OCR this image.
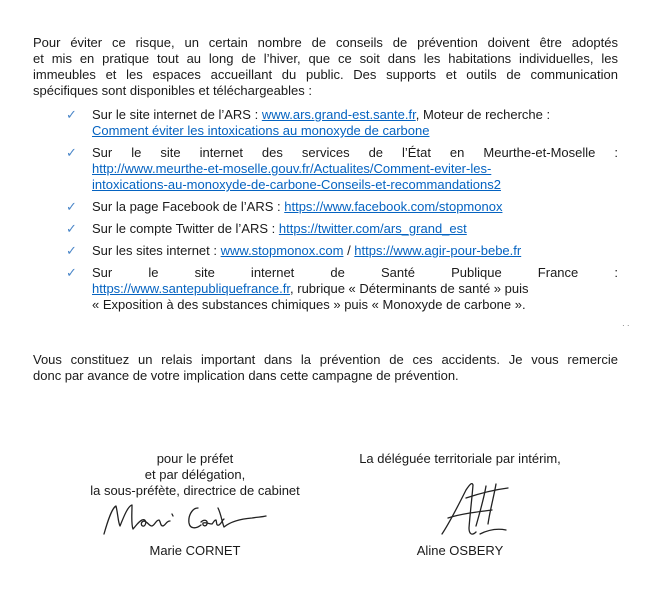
Pour éviter ce risque, un certain nombre de conseils de prévention doivent être adoptés
et mis en pratique tout au long de l’hiver, que ce soit dans les habitations individuelles, les
immeubles et les espaces accueillant du public. Des supports et outils de communication
spécifiques sont disponibles et téléchargeables :

✓ Sur le site internet de l’ARS : www.ars.grand-est.sante.fr, Moteur de recherche :
Comment éviter les intoxications au monoxyde de carbone
✓ Sur le site internet des services de l’État en Meurthe-et-Moselle :
http://www.meurthe-et-moselle.gouv.fr/Actualites/Comment-eviter-les-
intoxications-au-monoxyde-de-carbone-Conseils-et-recommandations2
✓ Sur la page Facebook de l’ARS : https://www.facebook.com/stopmonox
✓ Sur le compte Twitter de l’ARS : https://twitter.com/ars_grand_est
✓ Sur les sites internet : www.stopmonox.com / https://www.agir-pour-bebe.fr
✓ Sur le site internet de Santé Publique France :
https://www.santepubliquefrance.fr, rubrique « Déterminants de santé » puis
« Exposition à des substances chimiques » puis « Monoxyde de carbone ».
· ·

Vous constituez un relais important dans la prévention de ces accidents. Je vous remercie
donc par avance de votre implication dans cette campagne de prévention.

pour le préfet
et par délégation,
la sous-préfète, directrice de cabinet
Marie CORNET
La déléguée territoriale par intérim,
Aline OSBERY
